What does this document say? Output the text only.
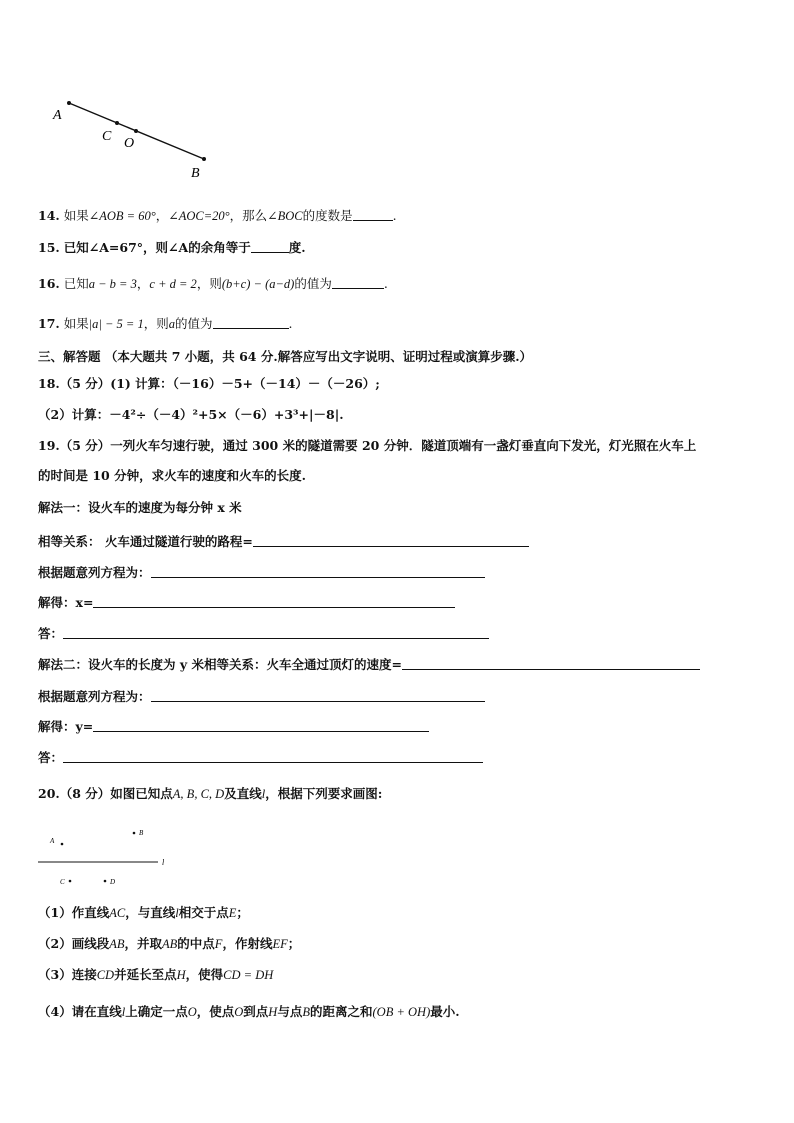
A
C O
B
l
A
B
C	D
14. 如果∠AOB = 60°，∠AOC=20°，那么∠BOC的度数是	.
15. 已知∠A=67°，则∠A的余角等于	度.
16. 已知a − b = 3，c + d = 2，则(b+c) − (a−d)的值为	.
17. 如果|a| − 5 = 1，则a的值为	.
三、解答题 （本大题共 7 小题，共 64 分.解答应写出文字说明、证明过程或演算步骤.）
18.（5 分）(1) 计算：（－16）－5+（－14）－（－26）;
（2）计算：－4²÷（－4）²+5×（－6）+3³+|－8|.
19.（5 分）一列火车匀速行驶，通过 300 米的隧道需要 20 分钟．隧道顶端有一盏灯垂直向下发光，灯光照在火车上
的时间是 10 分钟，求火车的速度和火车的长度.
解法一：设火车的速度为每分钟 x 米
相等关系： 火车通过隧道行驶的路程=
根据题意列方程为：
解得：x=
答：
解法二：设火车的长度为 y 米相等关系：火车全通过顶灯的速度=
根据题意列方程为：
解得：y=
答：
20.（8 分）如图已知点A, B, C, D及直线l，根据下列要求画图:
（1）作直线AC，与直线l相交于点E；
（2）画线段AB，并取AB的中点F，作射线EF；
（3）连接CD并延长至点H，使得CD = DH
（4）请在直线l上确定一点O，使点O到点H与点B的距离之和(OB + OH)最小.
